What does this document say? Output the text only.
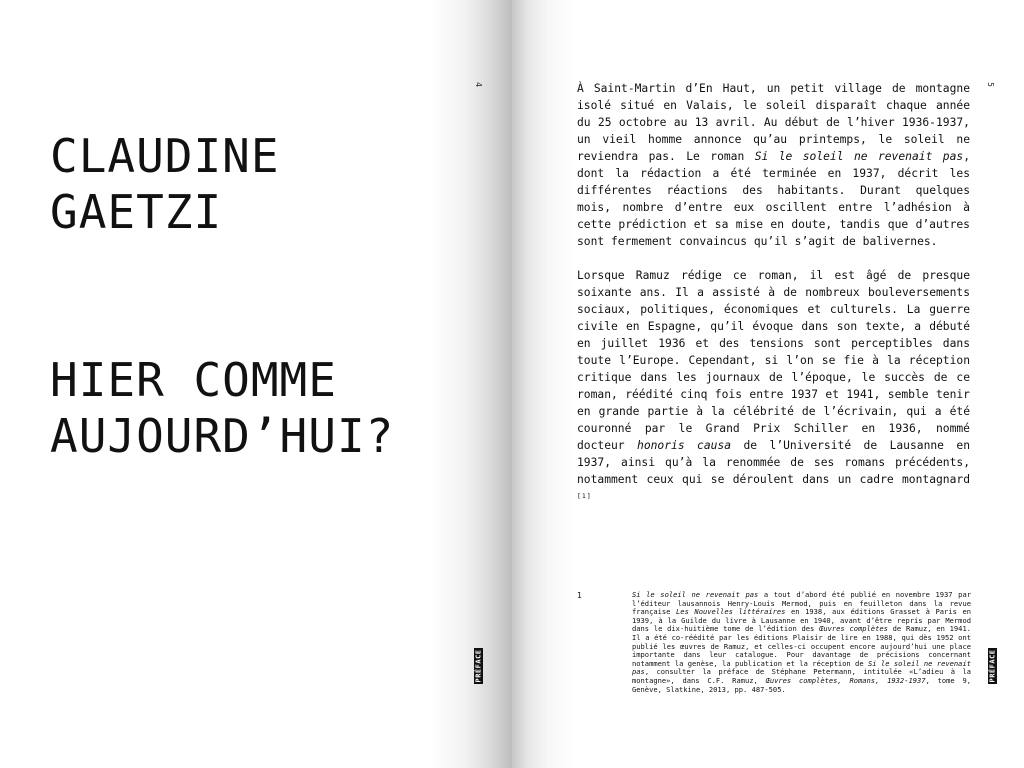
4
CLAUDINE
GAETZI
HIER COMME
AUJOURD’HUI?
PRÉFACE
5
PRÉFACE

À Saint-Martin d’En Haut, un petit village de montagne isolé situé en Valais, le soleil disparaît chaque année du 25 octobre au 13 avril. Au début de l’hiver 1936-1937, un vieil homme annonce qu’au printemps, le soleil ne reviendra pas. Le roman Si le soleil ne revenait pas, dont la rédaction a été terminée en 1937, décrit les différentes réactions des habitants. Durant quelques mois, nombre d’entre eux oscillent entre l’adhésion à cette prédiction et sa mise en doute, tandis que d’autres sont fermement convaincus qu’il s’agit de balivernes.

Lorsque Ramuz rédige ce roman, il est âgé de presque soixante ans. Il a assisté à de nombreux bouleversements sociaux, politiques, économiques et culturels. La guerre civile en Espagne, qu’il évoque dans son texte, a débuté en juillet 1936 et des tensions sont perceptibles dans toute l’Europe. Cependant, si l’on se fie à la réception critique dans les journaux de l’époque, le succès de ce roman, réédité cinq fois entre 1937 et 1941, semble tenir en grande partie à la célébrité de l’écrivain, qui a été couronné par le Grand Prix Schiller en 1936, nommé docteur honoris causa de l’Université de Lausanne en 1937, ainsi qu’à la renommée de ses romans précédents, notamment ceux qui se déroulent dans un cadre montagnard [1]

1	Si le soleil ne revenait pas a tout d’abord été publié en novembre 1937 par l’éditeur lausannois Henry-Louis Mermod, puis en feuilleton dans la revue française Les Nouvelles littéraires en 1938, aux éditions Grasset à Paris en 1939, à la Guilde du livre à Lausanne en 1940, avant d’être repris par Mermod dans le dix-huitième tome de l’édition des Œuvres complètes de Ramuz, en 1941. Il a été co-réédité par les éditions Plaisir de lire en 1988, qui dès 1952 ont publié les œuvres de Ramuz, et celles-ci occupent encore aujourd’hui une place importante dans leur catalogue. Pour davantage de précisions concernant notamment la genèse, la publication et la réception de Si le soleil ne revenait pas, consulter la préface de Stéphane Petermann, intitulée «L’adieu à la montagne», dans C.F. Ramuz, Œuvres complètes, Romans, 1932-1937, tome 9, Genève, Slatkine, 2013, pp. 487-505.
